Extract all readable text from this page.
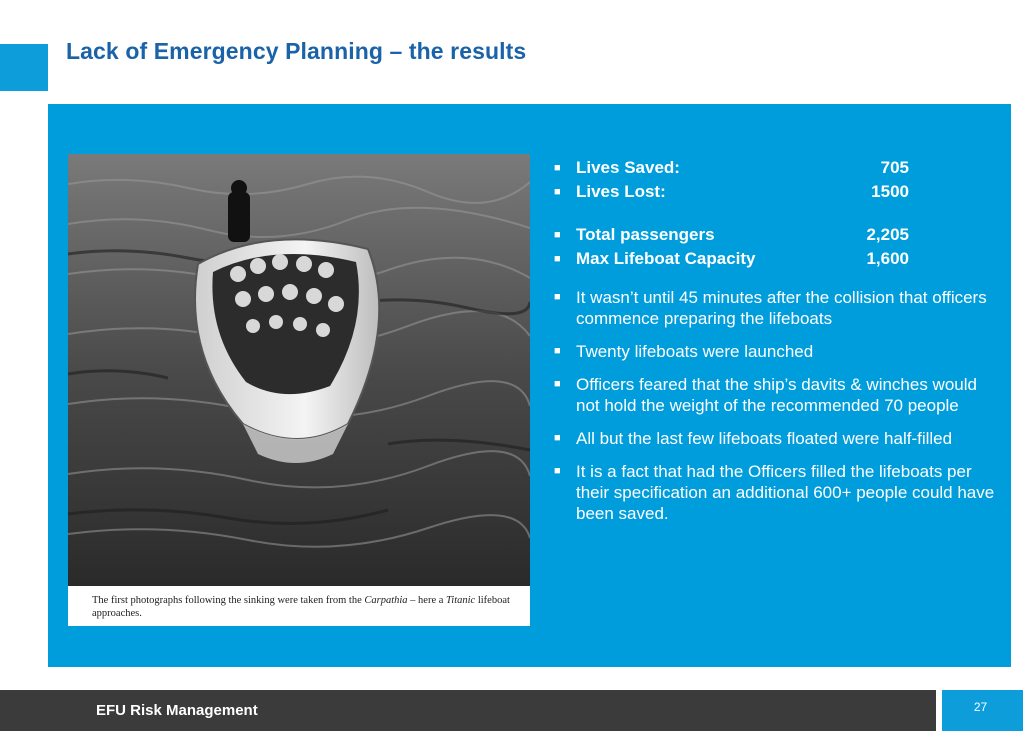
Lack of Emergency Planning – the results
The first photographs following the sinking were taken from the Carpathia – here a Titanic lifeboat approaches.
■ Lives Saved:	705
■ Lives Lost:	1500
■ Total passengers	2,205
■ Max Lifeboat Capacity	1,600
■ It wasn’t until 45 minutes after the collision that officers commence preparing the lifeboats
■ Twenty lifeboats were launched
■ Officers feared that the ship’s davits & winches would not hold the weight of the recommended 70 people
■ All but the last few lifeboats floated were half-filled
■ It is a fact that had the Officers filled the lifeboats per their specification an additional 600+ people could have been saved.
EFU Risk Management	27
